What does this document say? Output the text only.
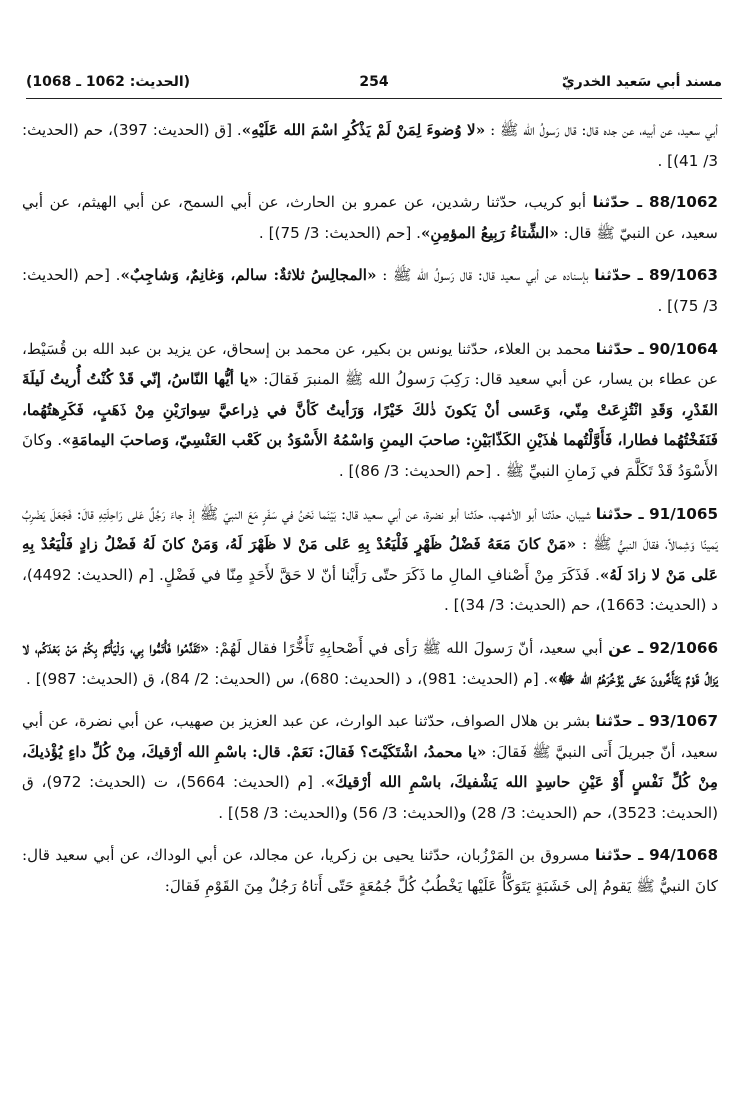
مسند أبي سَعيد الخدريّ
254
(الحديث: 1062 ـ 1068)

أبي سعيد، عن أبيه، عن جده قال: قال رَسولُ الله ﷺ : «لا وُضوءَ لِمَنْ لَمْ يَذْكُرِ اسْمَ الله عَلَيْهِ». [ق (الحديث: 397)، حم (الحديث: 3/ 41)] .

88/1062 ـ حدّثنا أبو كريب، حدّثنا رشدين، عن عمرو بن الحارث، عن أبي السمح، عن أبي الهيثم، عن أبي سعيد، عن النبيّ ﷺ قال: «الشِّتاءُ رَبِيعُ المؤمِنِ». [حم (الحديث: 3/ 75)] .

89/1063 ـ حدّثنا بإسناده عن أبي سعيد قال: قال رَسولُ الله ﷺ : «المجالِسُ ثلاثةٌ: سالم، وَغانِمٌ، وَشاجِبٌ». [حم (الحديث: 3/ 75)] .

90/1064 ـ حدّثنا محمد بن العلاء، حدّثنا يونس بن بكير، عن محمد بن إسحاق، عن يزيد بن عبد الله بن قُسَيْط، عن عطاء بن يسار، عن أبي سعيد قال: رَكِبَ رَسولُ الله ﷺ المنبرَ فَقالَ: «يا أيُّها النّاسُ، إنّي قَدْ كُنْتُ أُريتُ لَيلَةَ القَدْرِ، وَقَدِ انْتُزِعَتْ مِنّي، وَعَسى أنْ يَكونَ ذٰلكَ خَيْرًا، وَرَأيتُ كَأنَّ في ذِراعيَّ سِوارَيْنِ مِنْ ذَهَبٍ، فَكَرِهتُهُما، فَنَفَخْتُهُما فطارا، فَأَوَّلْتُهما هٰذَيْنِ الكَذّابَيْنِ: صاحبَ اليمنِ وَاسْمُهُ الأَسْوَدُ بن كَعْب العَنْسِيّ، وَصاحبَ اليمامَةِ». وكانَ الأَسْوَدُ قَدْ تَكَلَّمَ في زَمانِ النبيِّ ﷺ . [حم (الحديث: 3/ 86)] .

91/1065 ـ حدّثنا شيبان، حدّثنا أبو الأشهب، حدّثنا أبو نضرة، عن أبي سعيد قال: بَيْنَما نَحْنُ في سَفَرٍ مَعَ النبيّ ﷺ إذْ جاءَ رَجُلٌ عَلى رَاحِلَتِهِ قالَ: فَجَعَلَ يَضْرِبُ يَمينًا وَشِمالاً، فقالَ النبيُّ ﷺ : «مَنْ كانَ مَعَهُ فَضْلُ ظَهْرٍ فَلْيَعُدْ بِهِ عَلى مَنْ لا ظَهْرَ لَهُ، وَمَنْ كانَ لَهُ فَضْلُ زادٍ فَلْيَعُدْ بِهِ عَلى مَنْ لا زادَ لَهُ». فَذَكَرَ مِنْ أَصْنافِ المالِ ما ذَكَرَ حتّى رَأَيْنا أنّ لا حَقَّ لأَحَدٍ مِنّا في فَضْلٍ. [م (الحديث: 4492)، د (الحديث: 1663)، حم (الحديث: 3/ 34)] .

92/1066 ـ عن أبي سعيد، أنّ رَسولَ الله ﷺ رَأى في أَصْحابِهِ تَأَخُّرًا فقال لَهُمْ: «تَقَدَّمُوا فَأْتَمُّوا بِي، وَلْيَأْتَمَّ بِكُمْ مَنْ بَعْدَكُم، لا يَزالُ قَوْمٌ يَتَأَخَّرونَ حَتّى يُؤَخِّرَهُمُ الله ﷻ». [م (الحديث: 981)، د (الحديث: 680)، س (الحديث: 2/ 84)، ق (الحديث: 987)] .

93/1067 ـ حدّثنا بشر بن هلال الصواف، حدّثنا عبد الوارث، عن عبد العزيز بن صهيب، عن أبي نضرة، عن أبي سعيد، أنّ جبريلَ أَتى النبيَّ ﷺ فَقالَ: «يا محمدُ، اشْتَكَيْتَ؟ فَقالَ: نَعَمْ. قال: باسْمِ الله أرْقيكَ، مِنْ كُلِّ داءٍ يُؤْذيكَ، مِنْ كُلِّ نَفْسٍ أَوْ عَيْنِ حاسِدٍ الله يَشْفيكَ، باسْمِ الله أرْقيكَ». [م (الحديث: 5664)، ت (الحديث: 972)، ق (الحديث: 3523)، حم (الحديث: 3/ 28) و(الحديث: 3/ 56) و(الحديث: 3/ 58)] .

94/1068 ـ حدّثنا مسروق بن المَرْزُبان، حدّثنا يحيى بن زكريا، عن مجالد، عن أبي الوداك، عن أبي سعيد قال: كانَ النبيُّ ﷺ يَقومُ إلى خَشَبَةٍ يَتَوَكَّأُ عَلَيْها يَخْطُبُ كُلَّ جُمُعَةٍ حَتّى أَتاهُ رَجُلٌ مِنَ القَوْمِ فَقالَ:
